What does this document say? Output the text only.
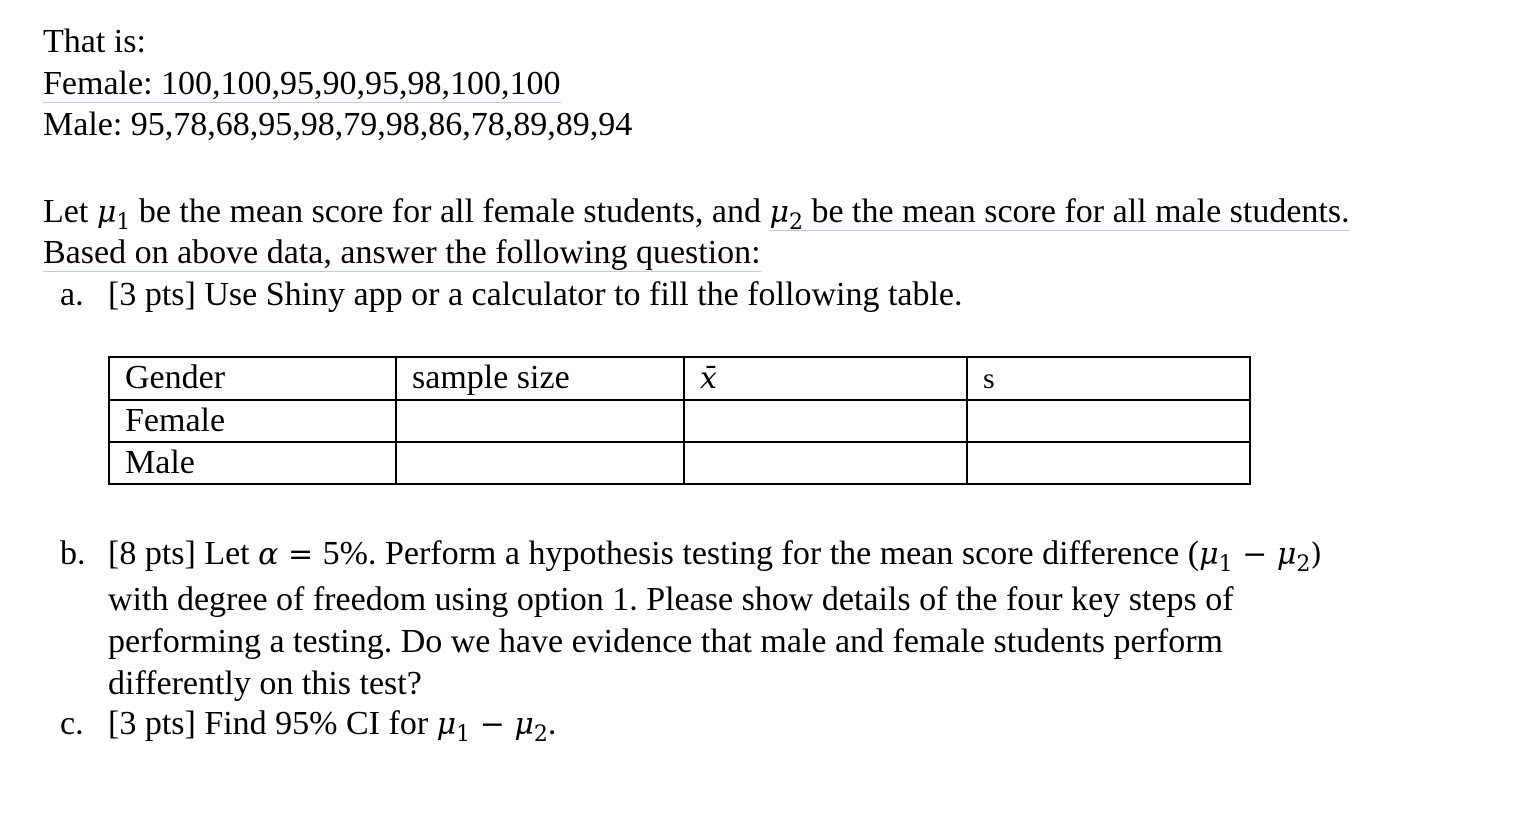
That is:
Female: 100,100,95,90,95,98,100,100
Male: 95,78,68,95,98,79,98,86,78,89,89,94
Let $\mu_1$ be the mean score for all female students, and $\mu_2$ be the mean score for all male students.
Based on above data, answer the following question:
a. [3 pts] Use Shiny app or a calculator to fill the following table.
Gender	sample size	x̄	s
Female			
Male			
b. [8 pts] Let α = 5%. Perform a hypothesis testing for the mean score difference $(\mu_1 - \mu_2)$
with degree of freedom using option 1. Please show details of the four key steps of
performing a testing. Do we have evidence that male and female students perform
differently on this test?
c. [3 pts] Find 95% CI for $\mu_1 - \mu_2$.
